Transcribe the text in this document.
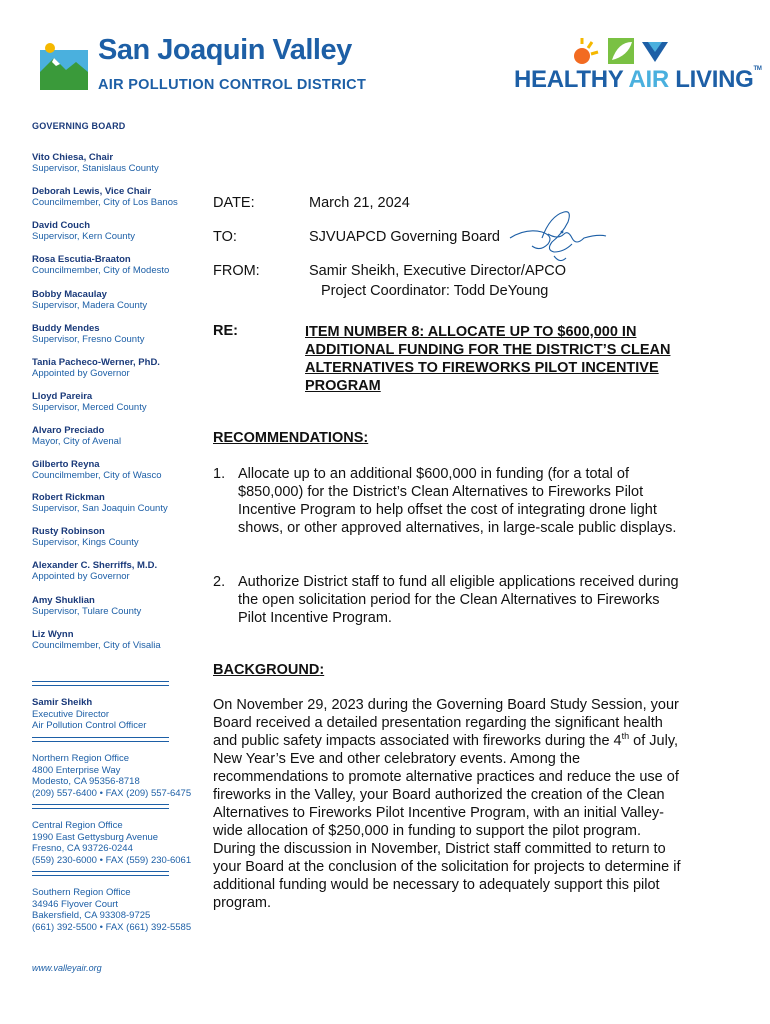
San Joaquin Valley
AIR POLLUTION CONTROL DISTRICT	HEALTHY AIR LIVING™
GOVERNING BOARD
Vito Chiesa, Chair
Supervisor, Stanislaus County
Deborah Lewis, Vice Chair
Councilmember, City of Los Banos
David Couch
Supervisor, Kern County
Rosa Escutia-Braaton
Councilmember, City of Modesto
Bobby Macaulay
Supervisor, Madera County
Buddy Mendes
Supervisor, Fresno County
Tania Pacheco-Werner, PhD.
Appointed by Governor
Lloyd Pareira
Supervisor, Merced County
Alvaro Preciado
Mayor, City of Avenal
Gilberto Reyna
Councilmember, City of Wasco
Robert Rickman
Supervisor, San Joaquin County
Rusty Robinson
Supervisor, Kings County
Alexander C. Sherriffs, M.D.
Appointed by Governor
Amy Shuklian
Supervisor, Tulare County
Liz Wynn
Councilmember, City of Visalia
Samir Sheikh
Executive Director
Air Pollution Control Officer
Northern Region Office
4800 Enterprise Way
Modesto, CA 95356-8718
(209) 557-6400 • FAX (209) 557-6475
Central Region Office
1990 East Gettysburg Avenue
Fresno, CA 93726-0244
(559) 230-6000 • FAX (559) 230-6061
Southern Region Office
34946 Flyover Court
Bakersfield, CA 93308-9725
(661) 392-5500 • FAX (661) 392-5585
www.valleyair.org
DATE:	March 21, 2024
TO:	SJVUAPCD Governing Board
FROM:	Samir Sheikh, Executive Director/APCO
Project Coordinator: Todd DeYoung
RE:	ITEM NUMBER 8: ALLOCATE UP TO $600,000 IN ADDITIONAL FUNDING FOR THE DISTRICT’S CLEAN ALTERNATIVES TO FIREWORKS PILOT INCENTIVE PROGRAM
RECOMMENDATIONS:
1. Allocate up to an additional $600,000 in funding (for a total of $850,000) for the District’s Clean Alternatives to Fireworks Pilot Incentive Program to help offset the cost of integrating drone light shows, or other approved alternatives, in large-scale public displays.
2. Authorize District staff to fund all eligible applications received during the open solicitation period for the Clean Alternatives to Fireworks Pilot Incentive Program.
BACKGROUND:
On November 29, 2023 during the Governing Board Study Session, your Board received a detailed presentation regarding the significant health and public safety impacts associated with fireworks during the 4th of July, New Year’s Eve and other celebratory events. Among the recommendations to promote alternative practices and reduce the use of fireworks in the Valley, your Board authorized the creation of the Clean Alternatives to Fireworks Pilot Incentive Program, with an initial Valley-wide allocation of $250,000 in funding to support the pilot program. During the discussion in November, District staff committed to return to your Board at the conclusion of the solicitation for projects to determine if additional funding would be necessary to adequately support this pilot program.
